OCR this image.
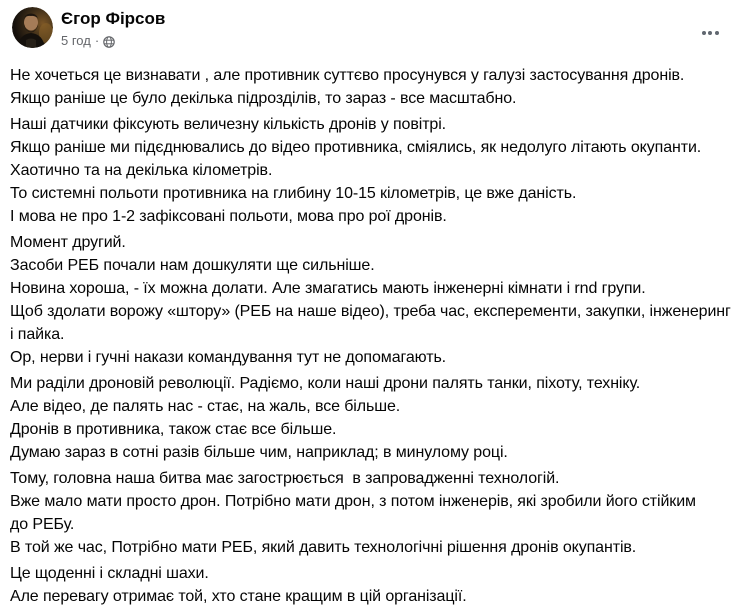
Єгор Фірсов
5 год ·
Не хочеться це визнавати , але противник суттєво просунувся у галузі застосування дронів.
Якщо раніше це було декілька підрозділів, то зараз - все масштабно.
Наші датчики фіксують величезну кількість дронів у повітрі.
Якщо раніше ми підєднювались до відео противника, сміялись, як недолуго літають окупанти.
Хаотично та на декілька кілометрів.
То системні польоти противника на глибину 10-15 кілометрів, це вже даність.
І мова не про 1-2 зафіксовані польоти, мова про рої дронів.
Момент другий.
Засоби РЕБ почали нам дошкуляти ще сильніше.
Новина хороша, - їх можна долати. Але змагатись мають інженерні кімнати і rnd групи.
Щоб здолати ворожу «штору» (РЕБ на наше відео), треба час, експеременти, закупки, інженеринг
і пайка.
Ор, нерви і гучні накази командування тут не допомагають.
Ми раділи дроновій революції. Радіємо, коли наші дрони палять танки, піхоту, техніку.
Але відео, де палять нас - стає, на жаль, все більше.
Дронів в противника, також стає все більше.
Думаю зараз в сотні разів більше чим, наприклад; в минулому році.
Тому, головна наша битва має загострюється  в запровадженні технологій.
Вже мало мати просто дрон. Потрібно мати дрон, з потом інженерів, які зробили його стійким
до РЕБу.
В той же час, Потрібно мати РЕБ, який давить технологічні рішення дронів окупантів.
Це щоденні і складні шахи.
Але перевагу отримає той, хто стане кращим в цій організації.
